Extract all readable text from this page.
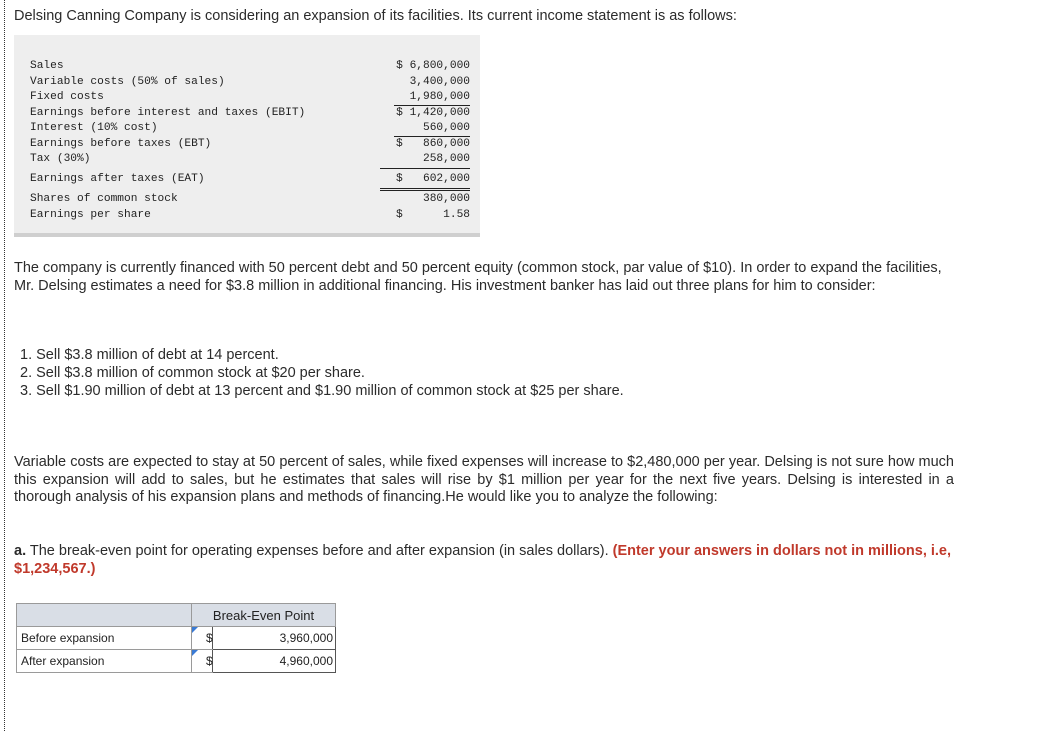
Delsing Canning Company is considering an expansion of its facilities. Its current income statement is as follows:
Sales	$ 6,800,000
Variable costs (50% of sales)	3,400,000
Fixed costs	1,980,000
Earnings before interest and taxes (EBIT)	$ 1,420,000
Interest (10% cost)	560,000
Earnings before taxes (EBT)	$ 860,000
Tax (30%)	258,000
Earnings after taxes (EAT)	$ 602,000
Shares of common stock	380,000
Earnings per share	$	1.58
The company is currently financed with 50 percent debt and 50 percent equity (common stock, par value of $10). In order to expand the facilities, Mr. Delsing estimates a need for $3.8 million in additional financing. His investment banker has laid out three plans for him to consider:
1. Sell $3.8 million of debt at 14 percent.
2. Sell $3.8 million of common stock at $20 per share.
3. Sell $1.90 million of debt at 13 percent and $1.90 million of common stock at $25 per share.
Variable costs are expected to stay at 50 percent of sales, while fixed expenses will increase to $2,480,000 per year. Delsing is not sure how much this expansion will add to sales, but he estimates that sales will rise by $1 million per year for the next five years. Delsing is interested in a thorough analysis of his expansion plans and methods of financing.He would like you to analyze the following:
a. The break-even point for operating expenses before and after expansion (in sales dollars). (Enter your answers in dollars not in millions, i.e, $1,234,567.)
	Break-Even Point	
Before expansion	$	3,960,000
After expansion	$	4,960,000
